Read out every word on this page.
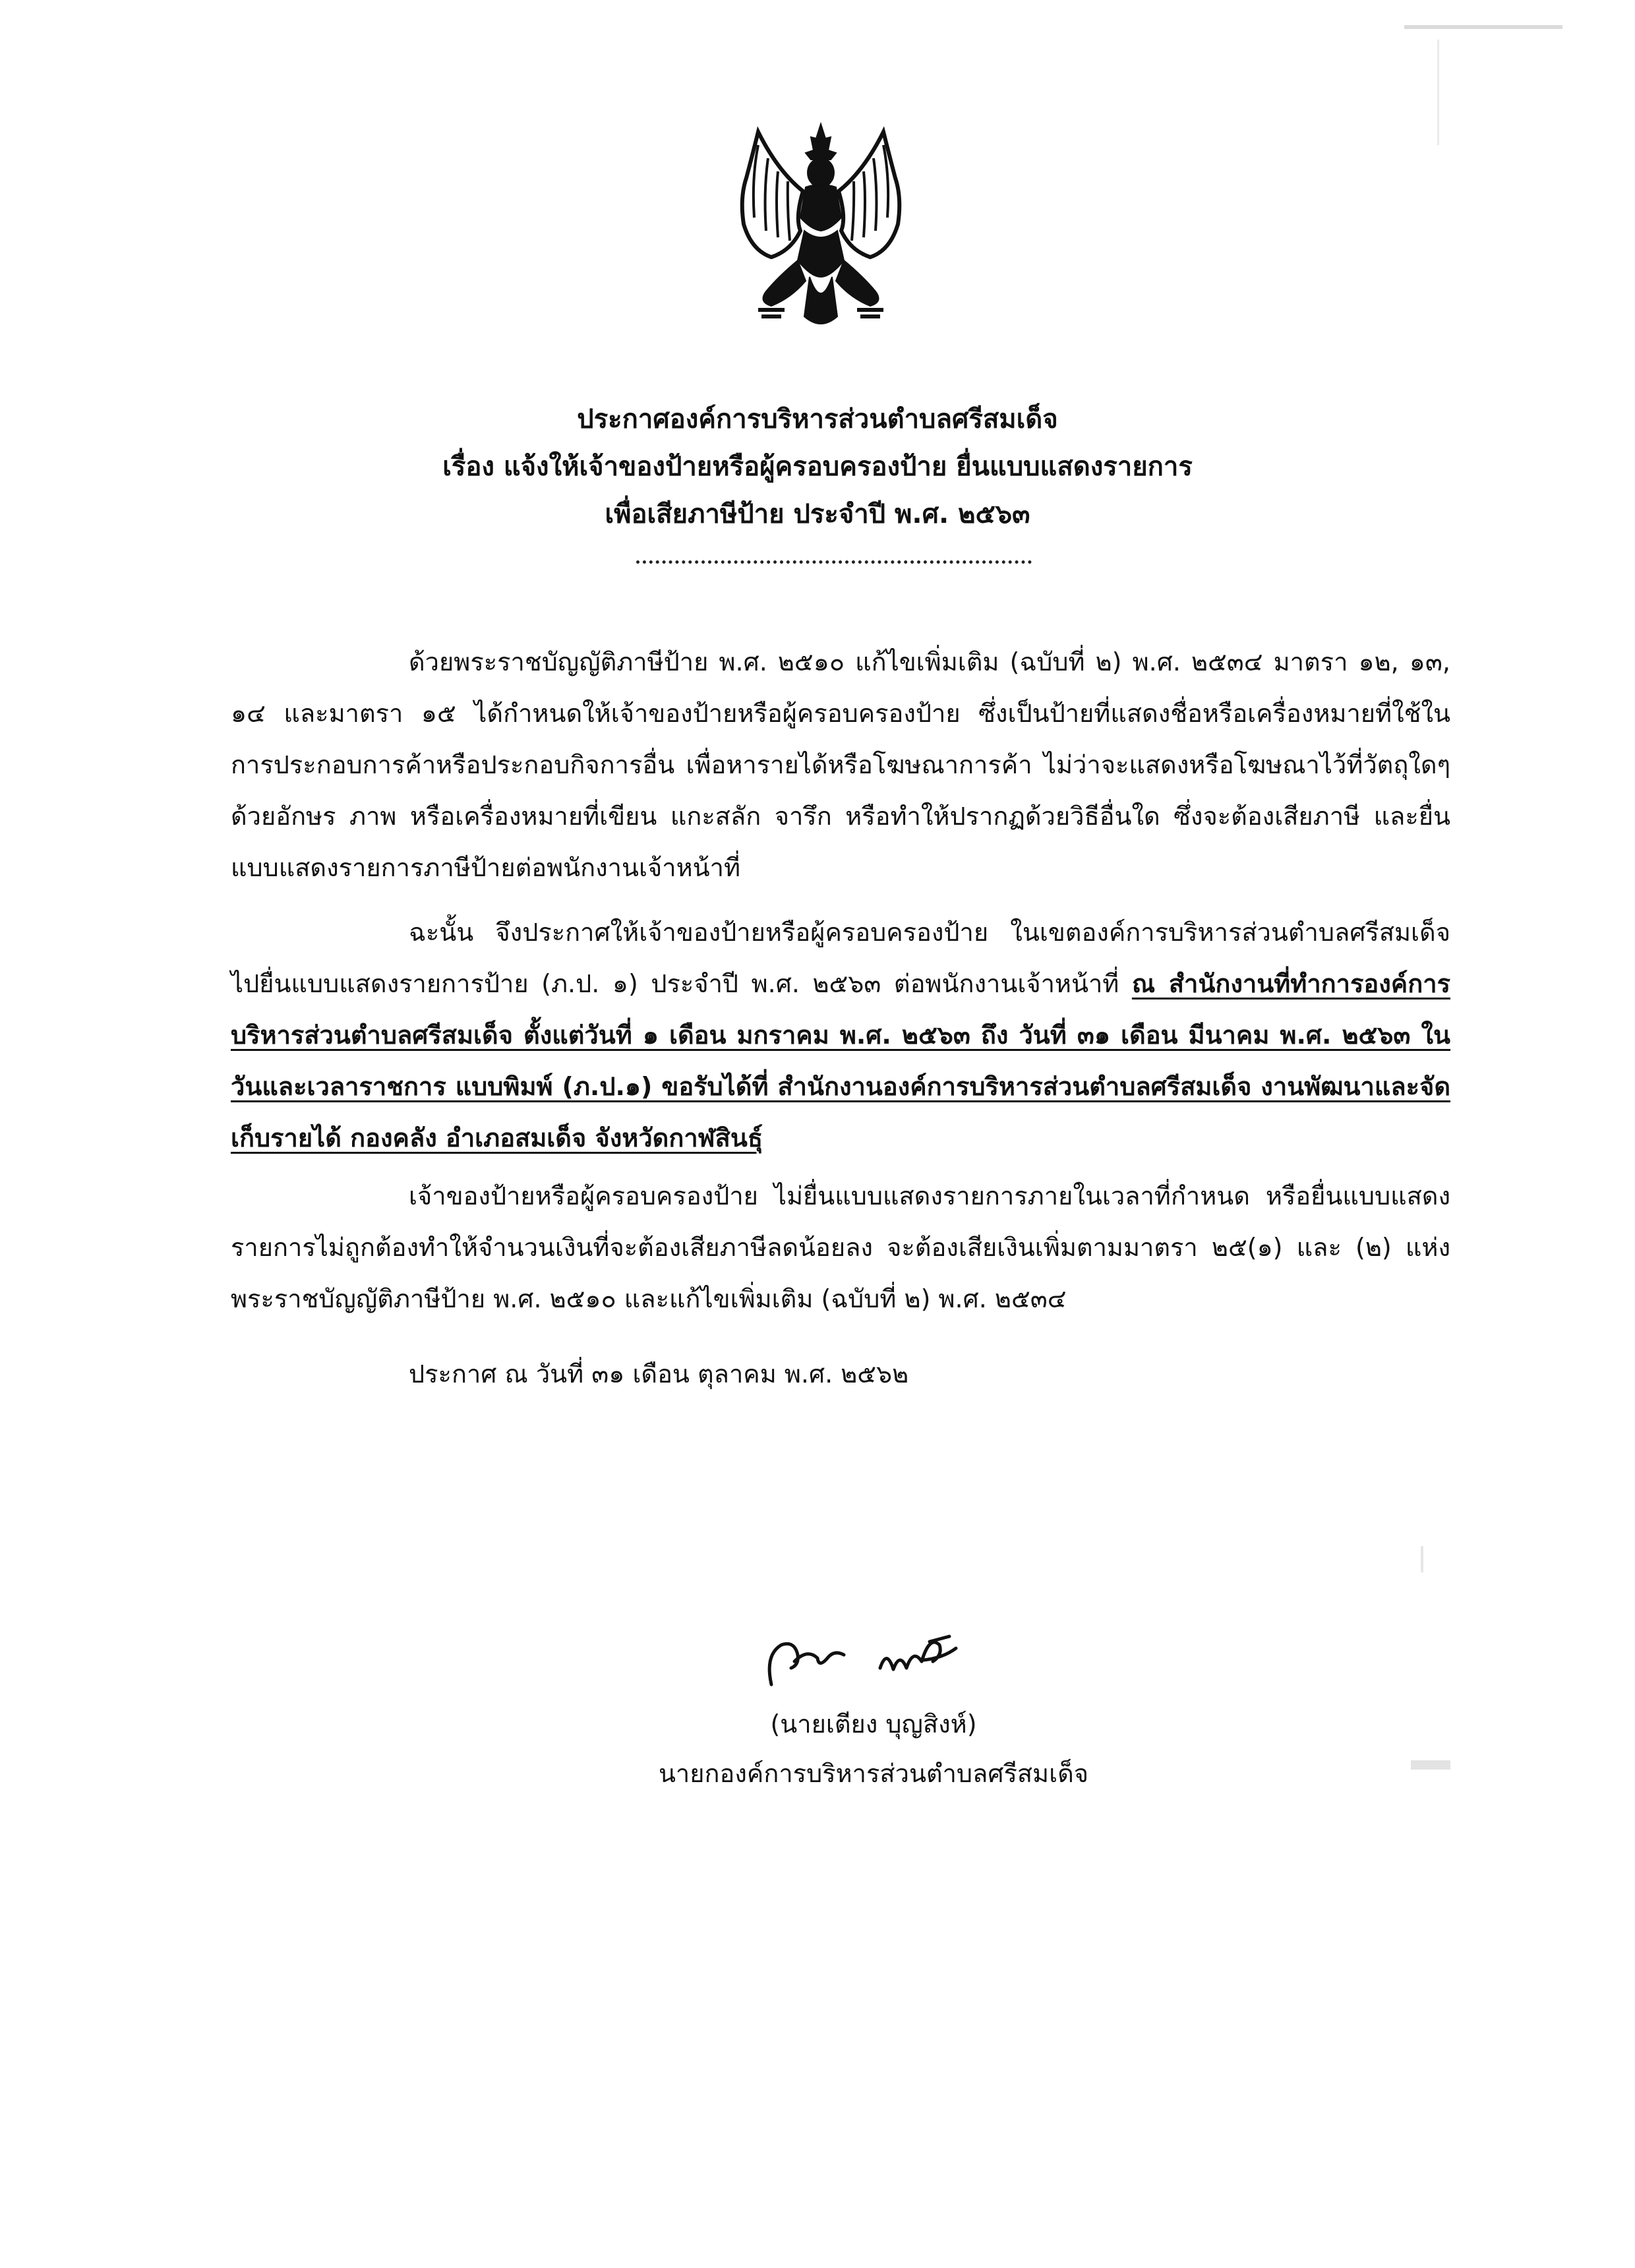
ประกาศองค์การบริหารส่วนตำบลศรีสมเด็จ
เรื่อง แจ้งให้เจ้าของป้ายหรือผู้ครอบครองป้าย ยื่นแบบแสดงรายการ
เพื่อเสียภาษีป้าย ประจำปี พ.ศ. ๒๕๖๓

ด้วยพระราชบัญญัติภาษีป้าย พ.ศ. ๒๕๑๐ แก้ไขเพิ่มเติม (ฉบับที่ ๒) พ.ศ. ๒๕๓๔ มาตรา ๑๒, ๑๓, ๑๔ และมาตรา ๑๕ ได้กำหนดให้เจ้าของป้ายหรือผู้ครอบครองป้าย ซึ่งเป็นป้ายที่แสดงชื่อหรือเครื่องหมายที่ใช้ในการประกอบการค้าหรือประกอบกิจการอื่น เพื่อหารายได้หรือโฆษณาการค้า ไม่ว่าจะแสดงหรือโฆษณาไว้ที่วัตถุใดๆ ด้วยอักษร ภาพ หรือเครื่องหมายที่เขียน แกะสลัก จารึก หรือทำให้ปรากฏด้วยวิธีอื่นใด ซึ่งจะต้องเสียภาษี และยื่นแบบแสดงรายการภาษีป้ายต่อพนักงานเจ้าหน้าที่

ฉะนั้น จึงประกาศให้เจ้าของป้ายหรือผู้ครอบครองป้าย ในเขตองค์การบริหารส่วนตำบลศรีสมเด็จ ไปยื่นแบบแสดงรายการป้าย (ภ.ป. ๑) ประจำปี พ.ศ. ๒๕๖๓ ต่อพนักงานเจ้าหน้าที่ ณ สำนักงานที่ทำการองค์การบริหารส่วนตำบลศรีสมเด็จ ตั้งแต่วันที่ ๑ เดือน มกราคม พ.ศ. ๒๕๖๓ ถึง วันที่ ๓๑ เดือน มีนาคม พ.ศ. ๒๕๖๓ ในวันและเวลาราชการ แบบพิมพ์ (ภ.ป.๑) ขอรับได้ที่ สำนักงานองค์การบริหารส่วนตำบลศรีสมเด็จ งานพัฒนาและจัดเก็บรายได้ กองคลัง อำเภอสมเด็จ จังหวัดกาฬสินธุ์

เจ้าของป้ายหรือผู้ครอบครองป้าย ไม่ยื่นแบบแสดงรายการภายในเวลาที่กำหนด หรือยื่นแบบแสดงรายการไม่ถูกต้องทำให้จำนวนเงินที่จะต้องเสียภาษีลดน้อยลง จะต้องเสียเงินเพิ่มตามมาตรา ๒๕(๑) และ (๒) แห่งพระราชบัญญัติภาษีป้าย พ.ศ. ๒๕๑๐ และแก้ไขเพิ่มเติม (ฉบับที่ ๒) พ.ศ. ๒๕๓๔

ประกาศ ณ วันที่ ๓๑ เดือน ตุลาคม พ.ศ. ๒๕๖๒
(นายเตียง บุญสิงห์)
นายกองค์การบริหารส่วนตำบลศรีสมเด็จ
